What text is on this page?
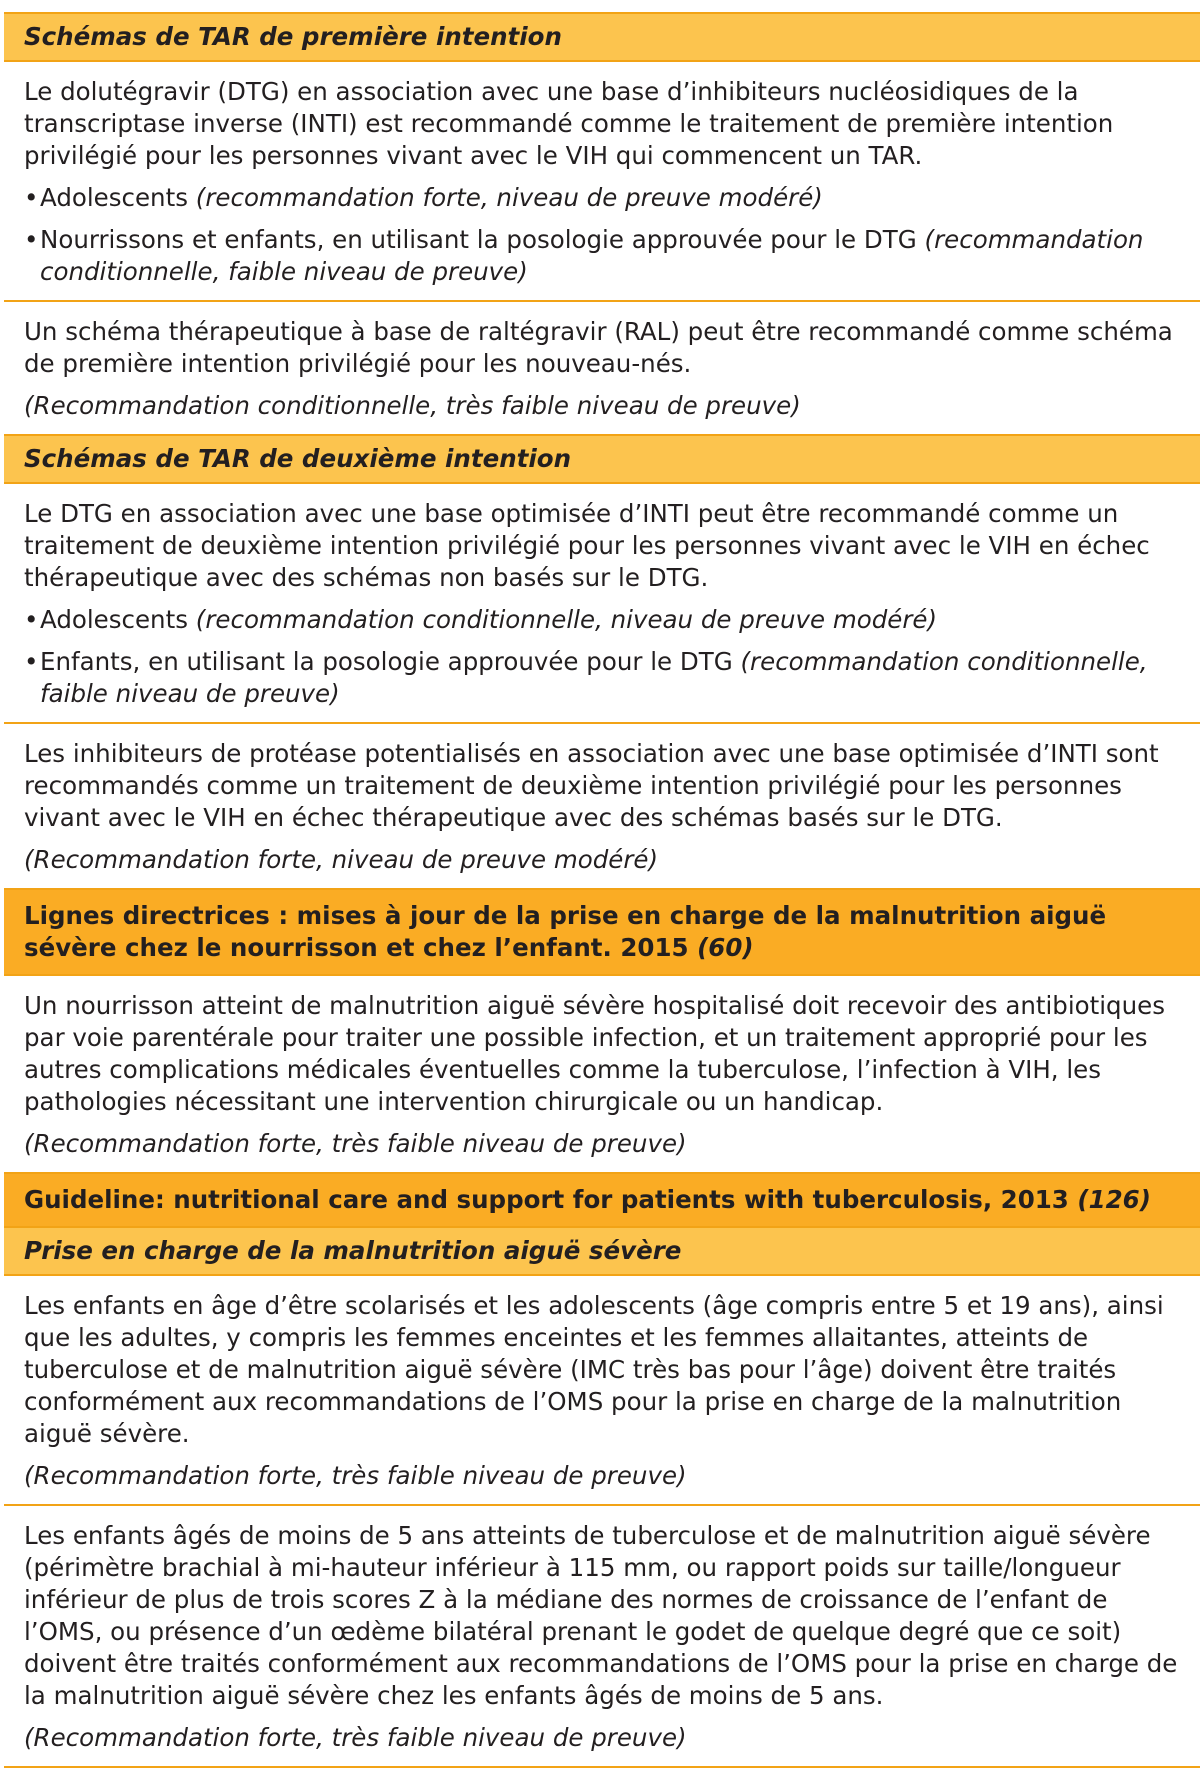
Schémas de TAR de première intention

Le dolutégravir (DTG) en association avec une base d’inhibiteurs nucléosidiques de la transcriptase inverse (INTI) est recommandé comme le traitement de première intention privilégié pour les personnes vivant avec le VIH qui commencent un TAR.

• Adolescents (recommandation forte, niveau de preuve modéré)
• Nourrissons et enfants, en utilisant la posologie approuvée pour le DTG (recommandation conditionnelle, faible niveau de preuve)

Un schéma thérapeutique à base de raltégravir (RAL) peut être recommandé comme schéma de première intention privilégié pour les nouveau-nés.

(Recommandation conditionnelle, très faible niveau de preuve)

Schémas de TAR de deuxième intention

Le DTG en association avec une base optimisée d’INTI peut être recommandé comme un traitement de deuxième intention privilégié pour les personnes vivant avec le VIH en échec thérapeutique avec des schémas non basés sur le DTG.

• Adolescents (recommandation conditionnelle, niveau de preuve modéré)
• Enfants, en utilisant la posologie approuvée pour le DTG (recommandation conditionnelle, faible niveau de preuve)

Les inhibiteurs de protéase potentialisés en association avec une base optimisée d’INTI sont recommandés comme un traitement de deuxième intention privilégié pour les personnes vivant avec le VIH en échec thérapeutique avec des schémas basés sur le DTG.

(Recommandation forte, niveau de preuve modéré)

Lignes directrices : mises à jour de la prise en charge de la malnutrition aiguë sévère chez le nourrisson et chez l’enfant. 2015 (60)

Un nourrisson atteint de malnutrition aiguë sévère hospitalisé doit recevoir des antibiotiques par voie parentérale pour traiter une possible infection, et un traitement approprié pour les autres complications médicales éventuelles comme la tuberculose, l’infection à VIH, les pathologies nécessitant une intervention chirurgicale ou un handicap.

(Recommandation forte, très faible niveau de preuve)

Guideline: nutritional care and support for patients with tuberculosis, 2013 (126)
Prise en charge de la malnutrition aiguë sévère

Les enfants en âge d’être scolarisés et les adolescents (âge compris entre 5 et 19 ans), ainsi que les adultes, y compris les femmes enceintes et les femmes allaitantes, atteints de tuberculose et de malnutrition aiguë sévère (IMC très bas pour l’âge) doivent être traités conformément aux recommandations de l’OMS pour la prise en charge de la malnutrition aiguë sévère.

(Recommandation forte, très faible niveau de preuve)

Les enfants âgés de moins de 5 ans atteints de tuberculose et de malnutrition aiguë sévère (périmètre brachial à mi-hauteur inférieur à 115 mm, ou rapport poids sur taille/longueur inférieur de plus de trois scores Z à la médiane des normes de croissance de l’enfant de l’OMS, ou présence d’un œdème bilatéral prenant le godet de quelque degré que ce soit) doivent être traités conformément aux recommandations de l’OMS pour la prise en charge de la malnutrition aiguë sévère chez les enfants âgés de moins de 5 ans.

(Recommandation forte, très faible niveau de preuve)
